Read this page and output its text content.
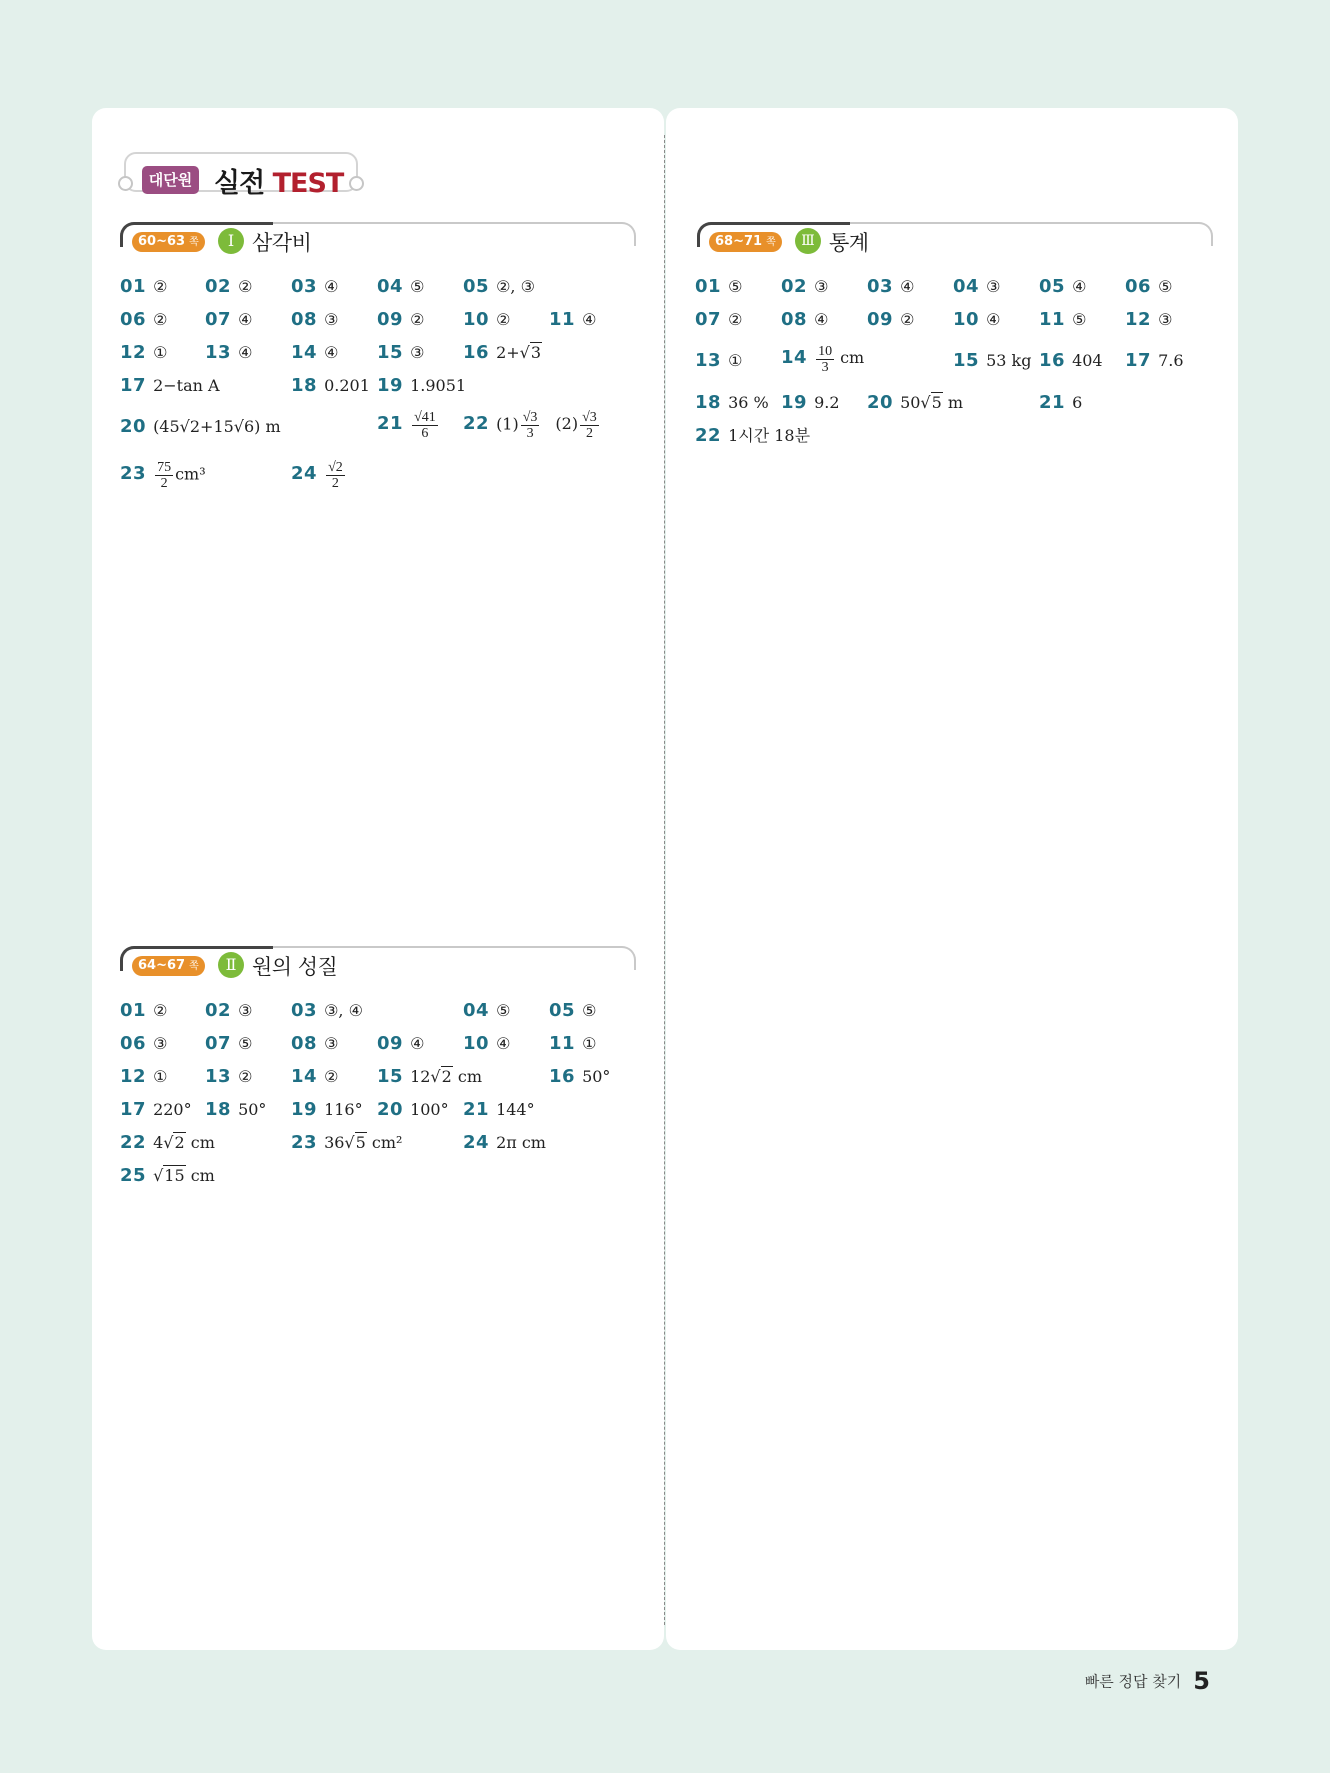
대단원 실전 TEST
60~63 쪽	Ⅰ 삼각비
64~67 쪽	Ⅱ 원의 성질
68~71 쪽	Ⅲ 통계
01 ② 02 ② 03 ④ 04 ⑤ 05 ②, ③
06 ② 07 ④ 08 ③ 09 ② 10 ② 11 ④
12 ① 13 ④ 14 ④ 15 ③ 16 2+√3
17 2−tan A	18 0.201 19 1.9051
20 (45√2+15√6) m	$21 \frac{√41}{6} 22$ $(1) \frac{√3}{3} (2) \frac{√3}{2}$
$23 \frac{75}{2} cm^3$	$24 \frac{√2}{2}$
01 ② 02 ③ 03 ③, ④	04 ⑤ 05 ⑤
06 ③ 07 ⑤ 08 ③ 09 ④ 10 ④ 11 ①
12 ① 13 ② 14 ② 15 12√2 cm	16 50°
17 220° 18 50° 19 116° 20 100° 21 144°
22 4√2 cm	23 36√5 cm²	24 2π cm
25 √15 cm
01 ⑤ 02 ③ 03 ④ 04 ③ 05 ④ 06 ⑤
07 ② 08 ④ 09 ② 10 ④ 11 ⑤ 12 ③
13 ① $14 \frac{10}{3}$ cm	15 53 kg 16 404 17 7.6
18 36 % 19 9.2 20 50√5 m	21 6
22 1시간 18분
빠른 정답 찾기 5
